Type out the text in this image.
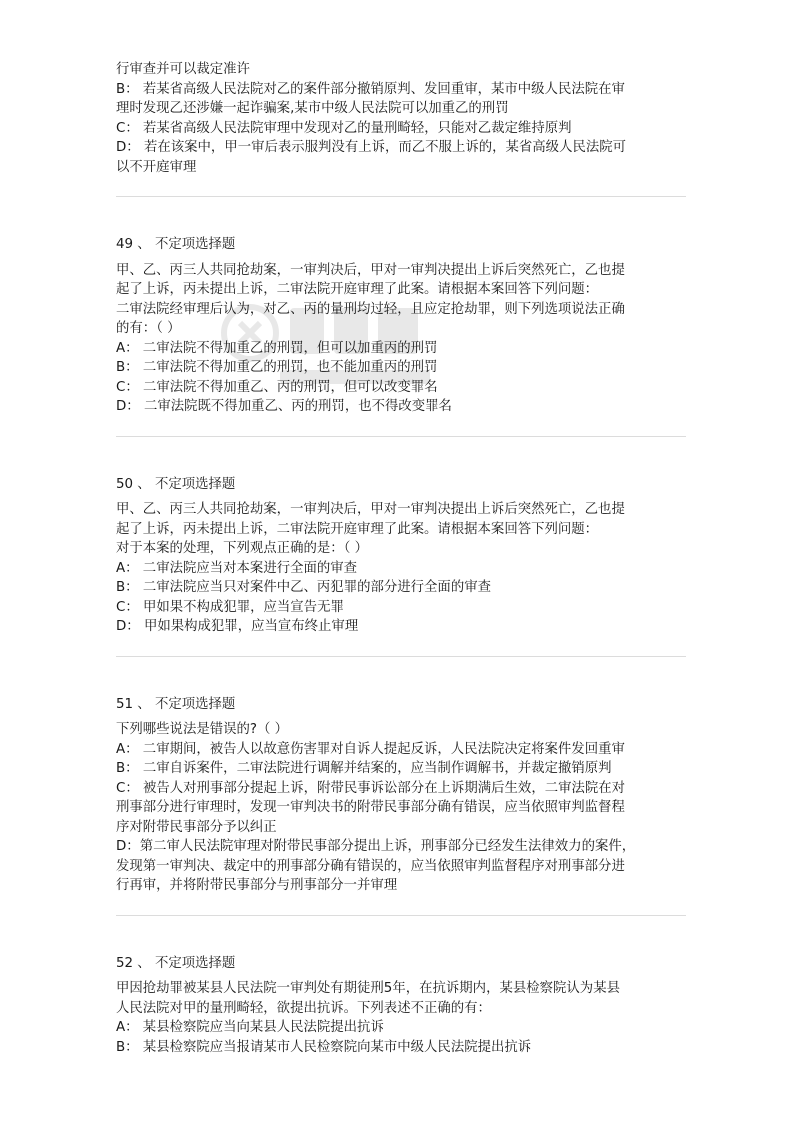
行审查并可以裁定准许
B： 若某省高级人民法院对乙的案件部分撤销原判、发回重审，某市中级人民法院在审
理时发现乙还涉嫌一起诈骗案,某市中级人民法院可以加重乙的刑罚
C： 若某省高级人民法院审理中发现对乙的量刑畸轻，只能对乙裁定维持原判
D： 若在该案中，甲一审后表示服判没有上诉，而乙不服上诉的，某省高级人民法院可
以不开庭审理
49 、 不定项选择题
甲、乙、丙三人共同抢劫案，一审判决后，甲对一审判决提出上诉后突然死亡，乙也提
起了上诉，丙未提出上诉，二审法院开庭审理了此案。请根据本案回答下列问题：
二审法院经审理后认为，对乙、丙的量刑均过轻，且应定抢劫罪，则下列选项说法正确
的有：（ ）
A： 二审法院不得加重乙的刑罚，但可以加重丙的刑罚
B： 二审法院不得加重乙的刑罚，也不能加重丙的刑罚
C： 二审法院不得加重乙、丙的刑罚，但可以改变罪名
D： 二审法院既不得加重乙、丙的刑罚，也不得改变罪名
50 、 不定项选择题
甲、乙、丙三人共同抢劫案，一审判决后，甲对一审判决提出上诉后突然死亡，乙也提
起了上诉，丙未提出上诉，二审法院开庭审理了此案。请根据本案回答下列问题：
对于本案的处理，下列观点正确的是：（ ）
A： 二审法院应当对本案进行全面的审查
B： 二审法院应当只对案件中乙、丙犯罪的部分进行全面的审查
C： 甲如果不构成犯罪，应当宣告无罪
D： 甲如果构成犯罪，应当宣布终止审理
51 、 不定项选择题
下列哪些说法是错误的?（ ）
A： 二审期间，被告人以故意伤害罪对自诉人提起反诉，人民法院决定将案件发回重审
B： 二审自诉案件，二审法院进行调解并结案的，应当制作调解书，并裁定撤销原判
C： 被告人对刑事部分提起上诉，附带民事诉讼部分在上诉期满后生效，二审法院在对
刑事部分进行审理时，发现一审判决书的附带民事部分确有错误，应当依照审判监督程
序对附带民事部分予以纠正
D：第二审人民法院审理对附带民事部分提出上诉，刑事部分已经发生法律效力的案件，
发现第一审判决、裁定中的刑事部分确有错误的，应当依照审判监督程序对刑事部分进
行再审，并将附带民事部分与刑事部分一并审理
52 、 不定项选择题
甲因抢劫罪被某县人民法院一审判处有期徒刑5年，在抗诉期内，某县检察院认为某县
人民法院对甲的量刑畸轻，欲提出抗诉。下列表述不正确的有：
A： 某县检察院应当向某县人民法院提出抗诉
B： 某县检察院应当报请某市人民检察院向某市中级人民法院提出抗诉
